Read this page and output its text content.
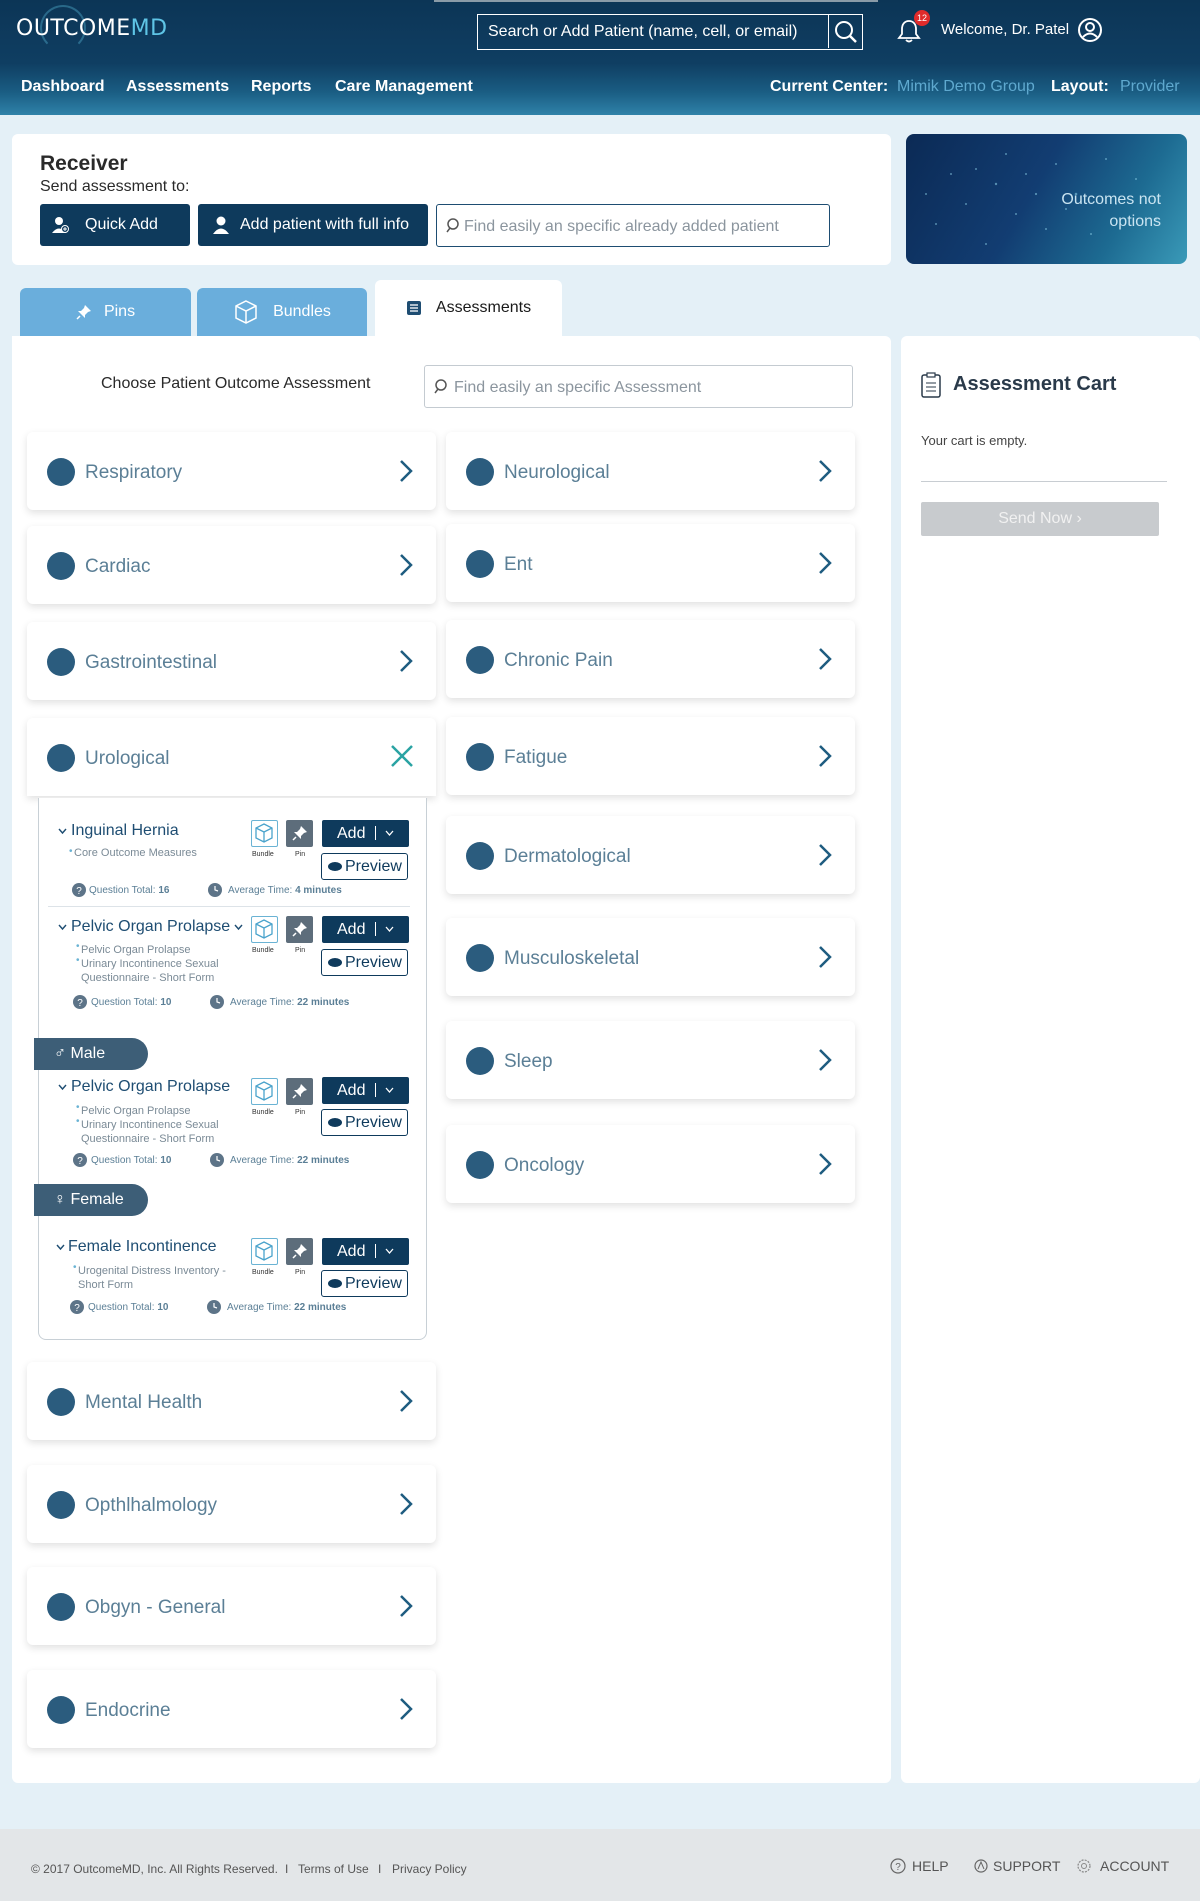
OUTCOMEMD	Search or Add Patient (name, cell, or email)
12
Welcome, Dr. Patel
Dashboard Assessments Reports Care Management	Current Center: Mimik Demo Group Layout: Provider
Receiver
Send assessment to:
Quick Add	Add patient with full info	Find easily an specific already added patient
Outcomes not
options
Pins	Bundles	Assessments
Choose Patient Outcome Assessment	Find easily an specific Assessment
Respiratory
Cardiac
Gastrointestinal
Urological
Inguinal Hernia
Core Outcome Measures
•	Bundle	Pin
Add
Preview
? Question Total: 16	Average Time: 4 minutes
Pelvic Organ Prolapse
• Pelvic Organ Prolapse
• Urinary Incontinence Sexual
Questionnaire - Short Form
Bundle	Pin
Add
Preview
? Question Total: 10	Average Time: 22 minutes
♂ Male
Pelvic Organ Prolapse
• Pelvic Organ Prolapse
• Urinary Incontinence Sexual
Questionnaire - Short Form
Bundle	Pin
Add
Preview
? Question Total: 10	Average Time: 22 minutes
♀ Female
Female Incontinence
• Urogenital Distress Inventory -
Short Form
Bundle	Pin
Add
Preview
? Question Total: 10	Average Time: 22 minutes
Mental Health
Opthlhalmology
Obgyn - General
Endocrine
Neurological
Ent
Chronic Pain
Fatigue
Dermatological
Musculoskeletal
Sleep
Oncology
Assessment Cart
Your cart is empty.
Send Now ›
© 2017 OutcomeMD, Inc. All Rights Reserved. I Terms of Use I Privacy Policy	? HELP	SUPPORT	ACCOUNT
